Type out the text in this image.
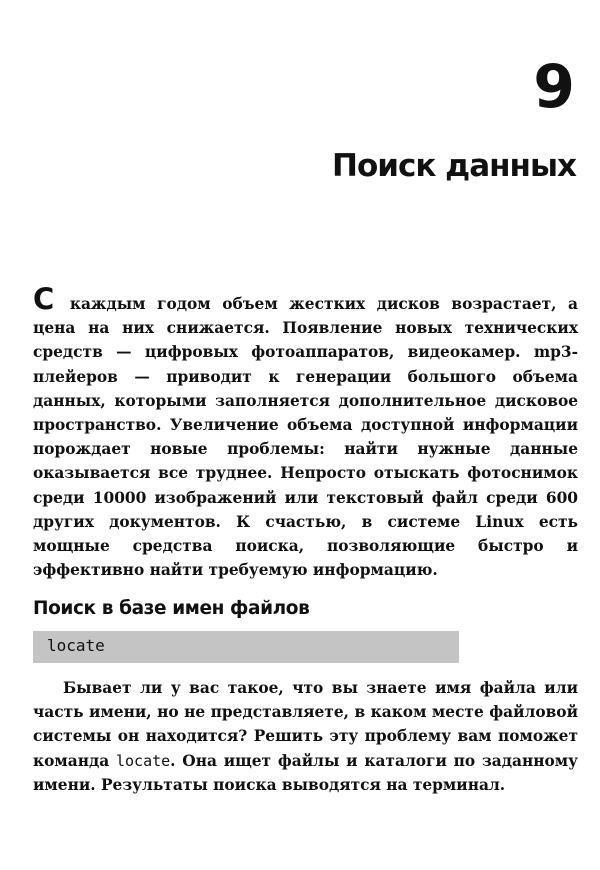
9
Поиск данных

С каждым годом объем жестких дисков возрастает, а цена на них снижается. Появление новых технических средств — цифровых фотоаппаратов, видеокамер. mp3-плейеров — приводит к генерации большого объема данных, которыми заполняется дополнительное дисковое пространство. Увеличение объема доступной информации порождает новые проблемы: найти нужные данные оказывается все труднее. Непросто отыскать фотоснимок среди 10000 изображений или текстовый файл среди 600 других документов. К счастью, в системе Linux есть мощные средства поиска, позволяющие быстро и эффективно найти требуемую информацию.

Поиск в базе имен файлов
locate

Бывает ли у вас такое, что вы знаете имя файла или часть имени, но не представляете, в каком месте файловой системы он находится? Решить эту проблему вам поможет команда locate. Она ищет файлы и каталоги по заданному имени. Результаты поиска выводятся на терминал.
